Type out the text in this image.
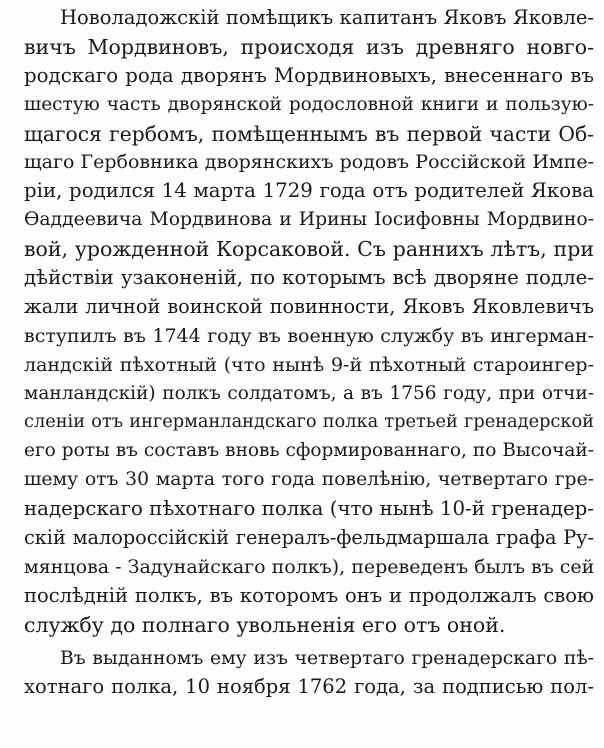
Новоладожскій помѣщикъ капитанъ Яковъ Яковле-
вичъ Мордвиновъ, происходя изъ древняго новго-
родскаго рода дворянъ Мордвиновыхъ, внесеннаго въ
шестую часть дворянской родословной книги и пользую-
щагося гербомъ, помѣщеннымъ въ первой части Об-
щаго Гербовника дворянскихъ родовъ Россійской Импе-
ріи, родился 14 марта 1729 года отъ родителей Якова
Ѳаддеевича Мордвинова и Ирины Іосифовны Мордвино-
вой, урожденной Корсаковой. Съ раннихъ лѣтъ, при
дѣйствіи узаконеній, по которымъ всѣ дворяне подле-
жали личной воинской повинности, Яковъ Яковлевичъ
вступилъ въ 1744 году въ военную службу въ ингерман-
ландскій пѣхотный (что нынѣ 9-й пѣхотный староингер-
манландскій) полкъ солдатомъ, а въ 1756 году, при отчи-
сленіи отъ ингерманландскаго полка третьей гренадерской
его роты въ составъ вновь сформированнаго, по Высочай-
шему отъ 30 марта того года повелѣнію, четвертаго гре-
надерскаго пѣхотнаго полка (что нынѣ 10-й гренадер-
скій малороссійскій генералъ-фельдмаршала графа Ру-
мянцова - Задунайскаго полкъ), переведенъ былъ въ сей
послѣдній полкъ, въ которомъ онъ и продолжалъ свою
службу до полнаго увольненія его отъ оной.
Въ выданномъ ему изъ четвертаго гренадерскаго пѣ-
хотнаго полка, 10 ноября 1762 года, за подписью пол-
